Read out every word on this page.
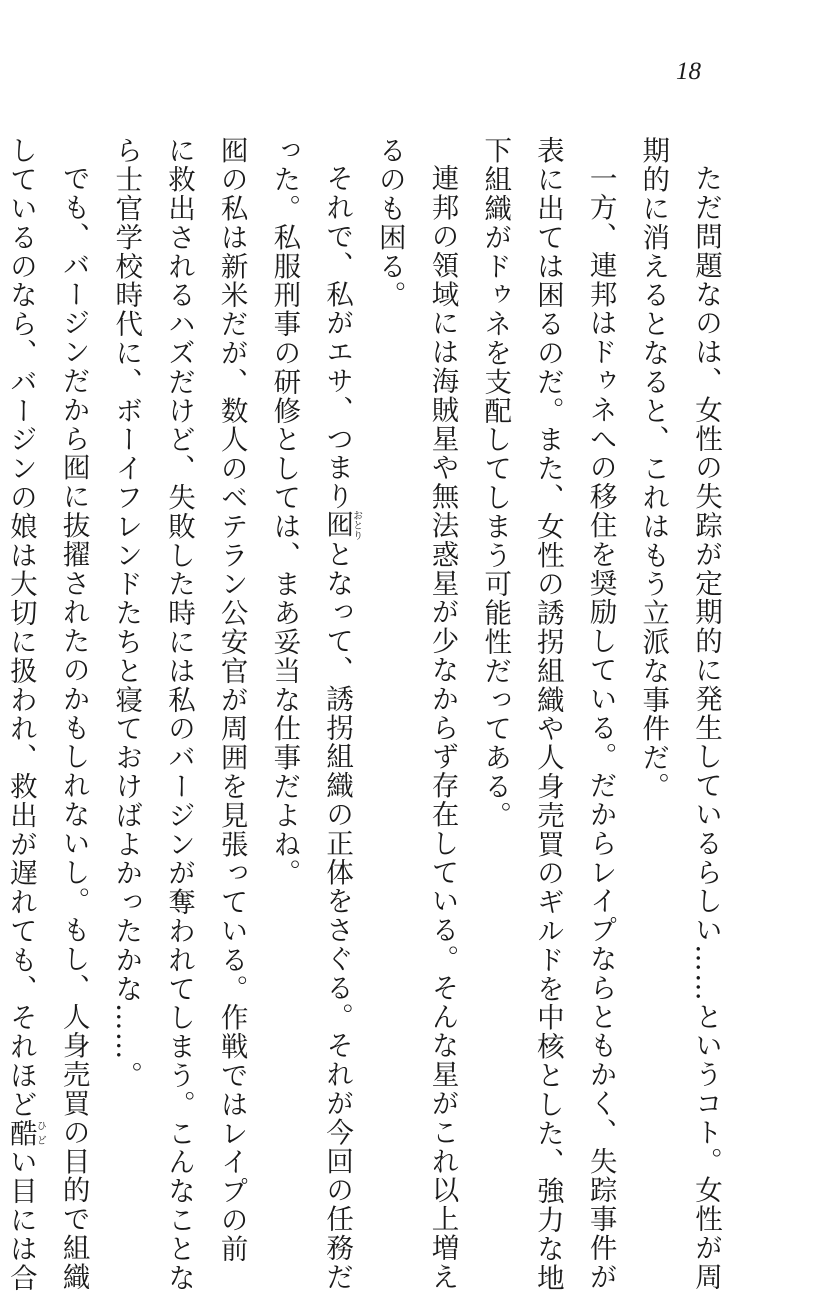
18

ただ問題なのは、女性の失踪が定期的に発生しているらしい……というコト。女性が周

期的に消えるとなると、これはもう立派な事件だ。

一方、連邦はドゥネへの移住を奨励している。だからレイプならともかく、失踪事件が

表に出ては困るのだ。また、女性の誘拐組織や人身売買のギルドを中核とした、強力な地

下組織がドゥネを支配してしまう可能性だってある。

連邦の領域には海賊星や無法惑星が少なからず存在している。そんな星がこれ以上増え

るのも困る。

それで、私がエサ、つまり囮おとりとなって、誘拐組織の正体をさぐる。それが今回の任務だ

った。私服刑事の研修としては、まあ妥当な仕事だよね。

囮の私は新米だが、数人のベテラン公安官が周囲を見張っている。作戦ではレイプの前

に救出されるハズだけど、失敗した時には私のバージンが奪われてしまう。こんなことな

ら士官学校時代に、ボーイフレンドたちと寝ておけばよかったかな……。

でも、バージンだから囮に抜擢されたのかもしれないし。もし、人身売買の目的で組織

しているのなら、バージンの娘は大切に扱われ、救出が遅れても、それほど酷ひどい目には合
